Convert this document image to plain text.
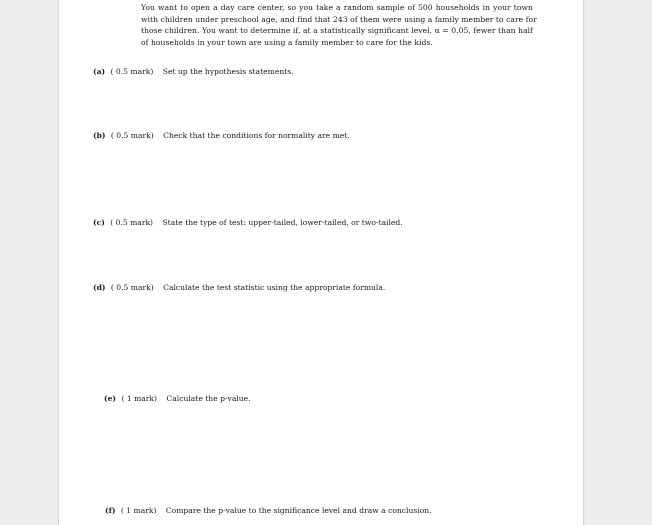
You want to open a day care center, so you take a random sample of 500 households in your town
with children under preschool age, and find that 243 of them were using a family member to care for
those children. You want to determine if, at a statistically significant level, α = 0.05, fewer than half
of households in your town are using a family member to care for the kids.
(a) ( 0.5 mark) Set up the hypothesis statements.
(b) ( 0.5 mark) Check that the conditions for normality are met.
(c) ( 0.5 mark) State the type of test: upper-tailed, lower-tailed, or two-tailed.
(d) ( 0.5 mark) Calculate the test statistic using the appropriate formula.
(e) ( 1 mark) Calculate the p-value.
(f) ( 1 mark) Compare the p-value to the significance level and draw a conclusion.
